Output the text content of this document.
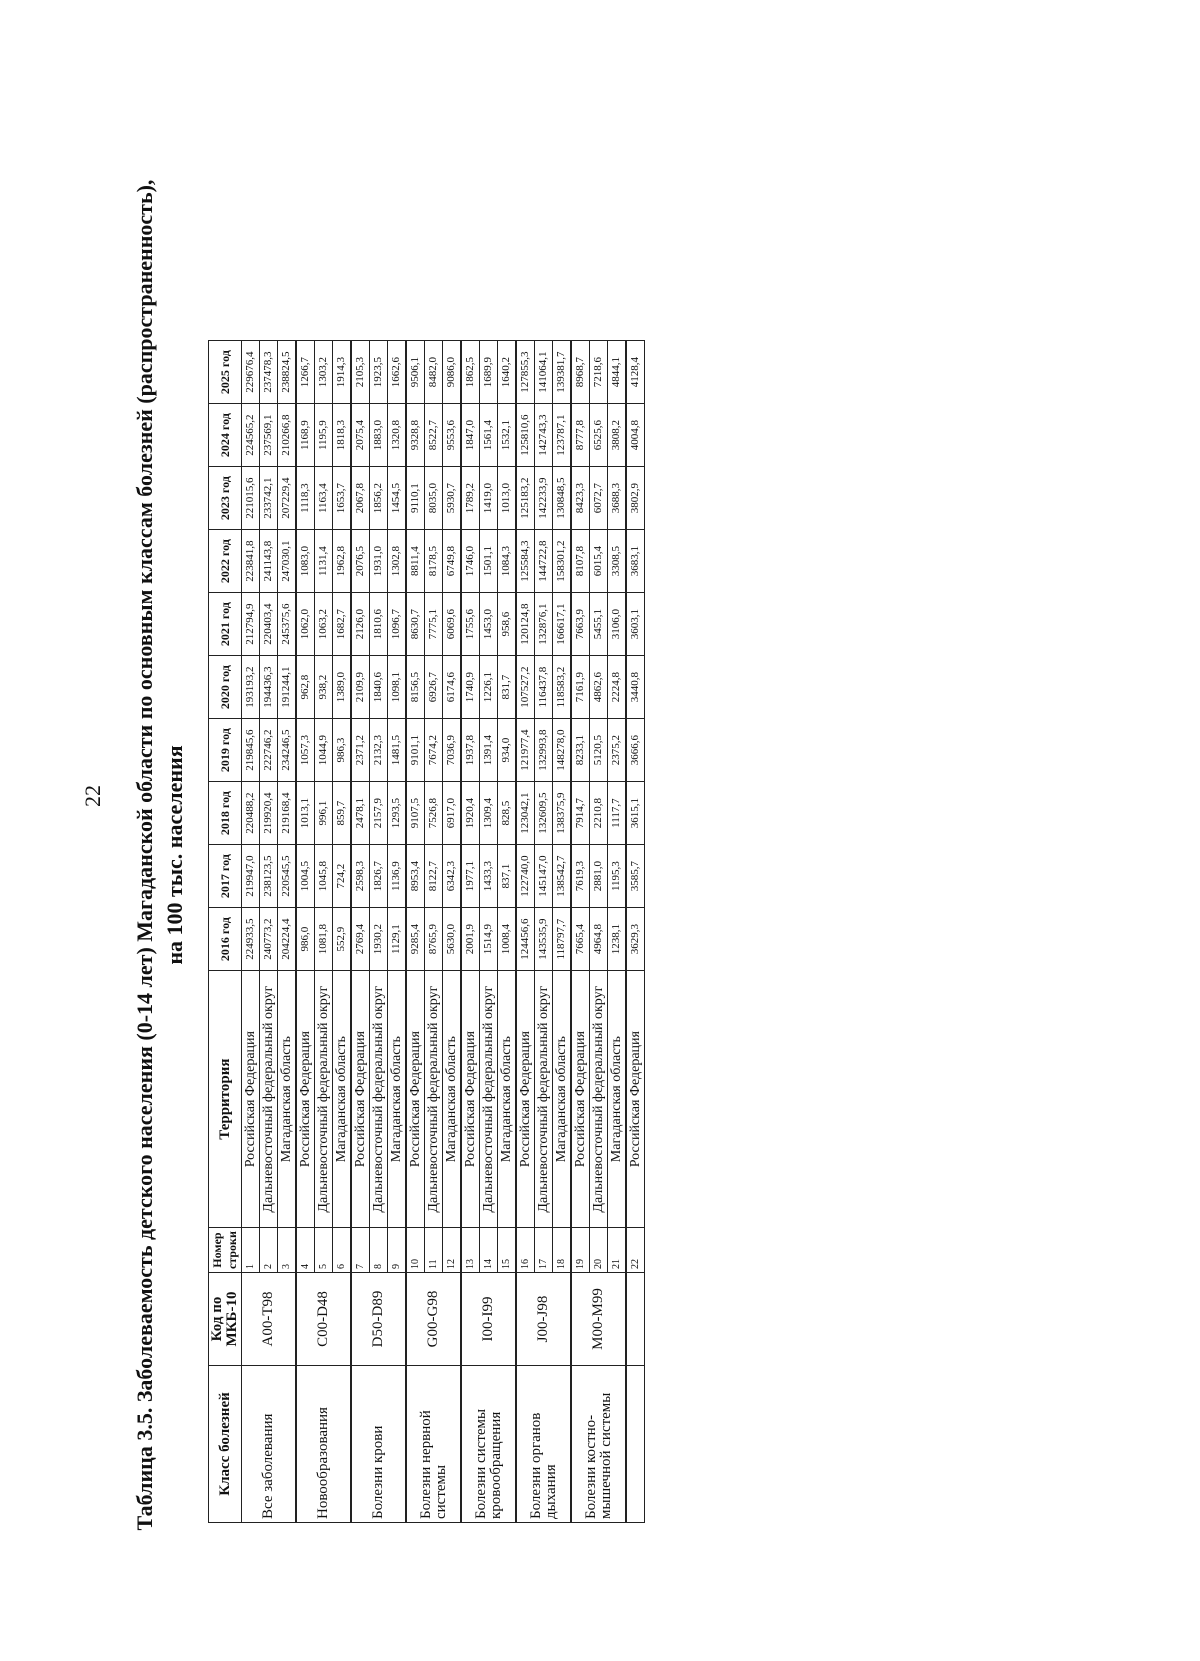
22 Таблица 3.5. Заболеваемость детского населения (0-14 лет) Магаданской области по основным классам болезней (распространенность), на 100 тыс. населения
Класс болезней	Код по МКБ-10	Номер строки	Территория	2016 год	2017 год	2018 год	2019 год	2020 год	2021 год	2022 год	2023 год	2024 год	2025 год
Все заболевания	А00-Т98	1	Российская Федерация	224933,5	219947,0	220488,2	219845,6	193193,2	212794,9	223841,8	221015,6	224565,2	229676,4
		2	Дальневосточный федеральный округ	240773,2	238123,5	219920,4	222746,2	194436,3	220403,4	241143,8	233742,1	237569,1	237478,3
		3	Магаданская область	204224,4	220545,5	219168,4	234246,5	191244,1	245375,6	247030,1	207229,4	210266,8	238824,5
Новообразования	С00-D48	4	Российская Федерация	986,0	1004,5	1013,1	1057,3	962,8	1062,0	1083,0	1118,3	1168,9	1266,7
		5	Дальневосточный федеральный округ	1081,8	1045,8	996,1	1044,9	938,2	1063,2	1131,4	1163,4	1195,9	1303,2
		6	Магаданская область	552,9	724,2	859,7	986,3	1389,0	1682,7	1962,8	1653,7	1818,3	1914,3
Болезни крови	D50-D89	7	Российская Федерация	2769,4	2598,3	2478,1	2371,2	2109,9	2126,0	2076,5	2067,8	2075,4	2105,3
		8	Дальневосточный федеральный округ	1930,2	1826,7	2157,9	2132,3	1840,6	1810,6	1931,0	1856,2	1883,0	1923,5
		9	Магаданская область	1129,1	1136,9	1293,5	1481,5	1098,1	1096,7	1302,8	1454,5	1320,8	1662,6
Болезни нервной системы	G00-G98	10	Российская Федерация	9285,4	8953,4	9107,5	9101,1	8156,5	8630,7	8811,4	9110,1	9328,8	9506,1
		11	Дальневосточный федеральный округ	8765,9	8122,7	7526,8	7674,2	6926,7	7775,1	8178,5	8035,0	8522,7	8482,0
		12	Магаданская область	5630,0	6342,3	6917,0	7036,9	6174,6	6069,6	6749,8	5930,7	9553,6	9086,0
Болезни системы кровообращения	I00-I99	13	Российская Федерация	2001,9	1977,1	1920,4	1937,8	1740,9	1755,6	1746,0	1789,2	1847,0	1862,5
		14	Дальневосточный федеральный округ	1514,9	1433,3	1309,4	1391,4	1226,1	1453,0	1501,1	1419,0	1561,4	1689,9
		15	Магаданская область	1008,4	837,1	828,5	934,0	831,7	958,6	1084,3	1013,0	1532,1	1640,2
Болезни органов дыхания	J00-J98	16	Российская Федерация	124456,6	122740,0	123042,1	121977,4	107527,2	120124,8	125584,3	125183,2	125810,6	127855,3
		17	Дальневосточный федеральный округ	143535,9	145147,0	132609,5	132993,8	116437,8	132876,1	144722,8	142233,9	142743,3	141064,1
		18	Магаданская область	118797,7	138542,7	138375,9	148278,0	118583,2	166617,1	158301,2	130848,5	123787,1	139381,7
Болезни костно-мышечной системы	M00-M99	19	Российская Федерация	7665,4	7619,3	7914,7	8233,1	7161,9	7663,9	8107,8	8423,3	8777,8	8968,7
		20	Дальневосточный федеральный округ	4964,8	2881,0	2210,8	5120,5	4862,6	5455,1	6015,4	6072,7	6525,6	7218,6
		21	Магаданская область	1238,1	1195,3	1117,7	2375,2	2224,8	3106,0	3308,5	3688,3	3808,2	4844,1
		22	Российская Федерация	3629,3	3585,7	3615,1	3666,6	3440,8	3603,1	3683,1	3802,9	4004,8	4128,4
